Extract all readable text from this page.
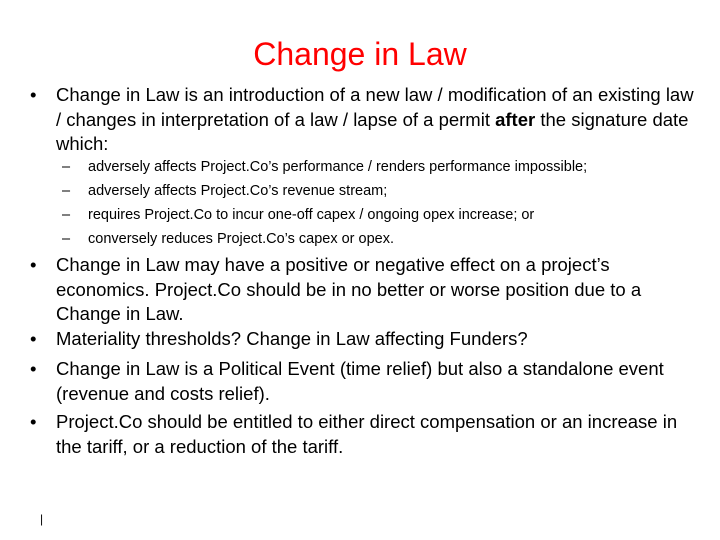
Change in Law
• Change in Law is an introduction of a new law / modification of an existing law / changes in interpretation of a law / lapse of a permit after the signature date which:
– adversely affects Project.Co’s performance / renders performance impossible;
– adversely affects Project.Co’s revenue stream;
– requires Project.Co to incur one-off capex / ongoing opex increase; or
– conversely reduces Project.Co’s capex or opex.
• Change in Law may have a positive or negative effect on a project’s economics. Project.Co should be in no better or worse position due to a Change in Law.
• Materiality thresholds? Change in Law affecting Funders?
• Change in Law is a Political Event (time relief) but also a standalone event (revenue and costs relief).
• Project.Co should be entitled to either direct compensation or an increase in the tariff, or a reduction of the tariff.
|
